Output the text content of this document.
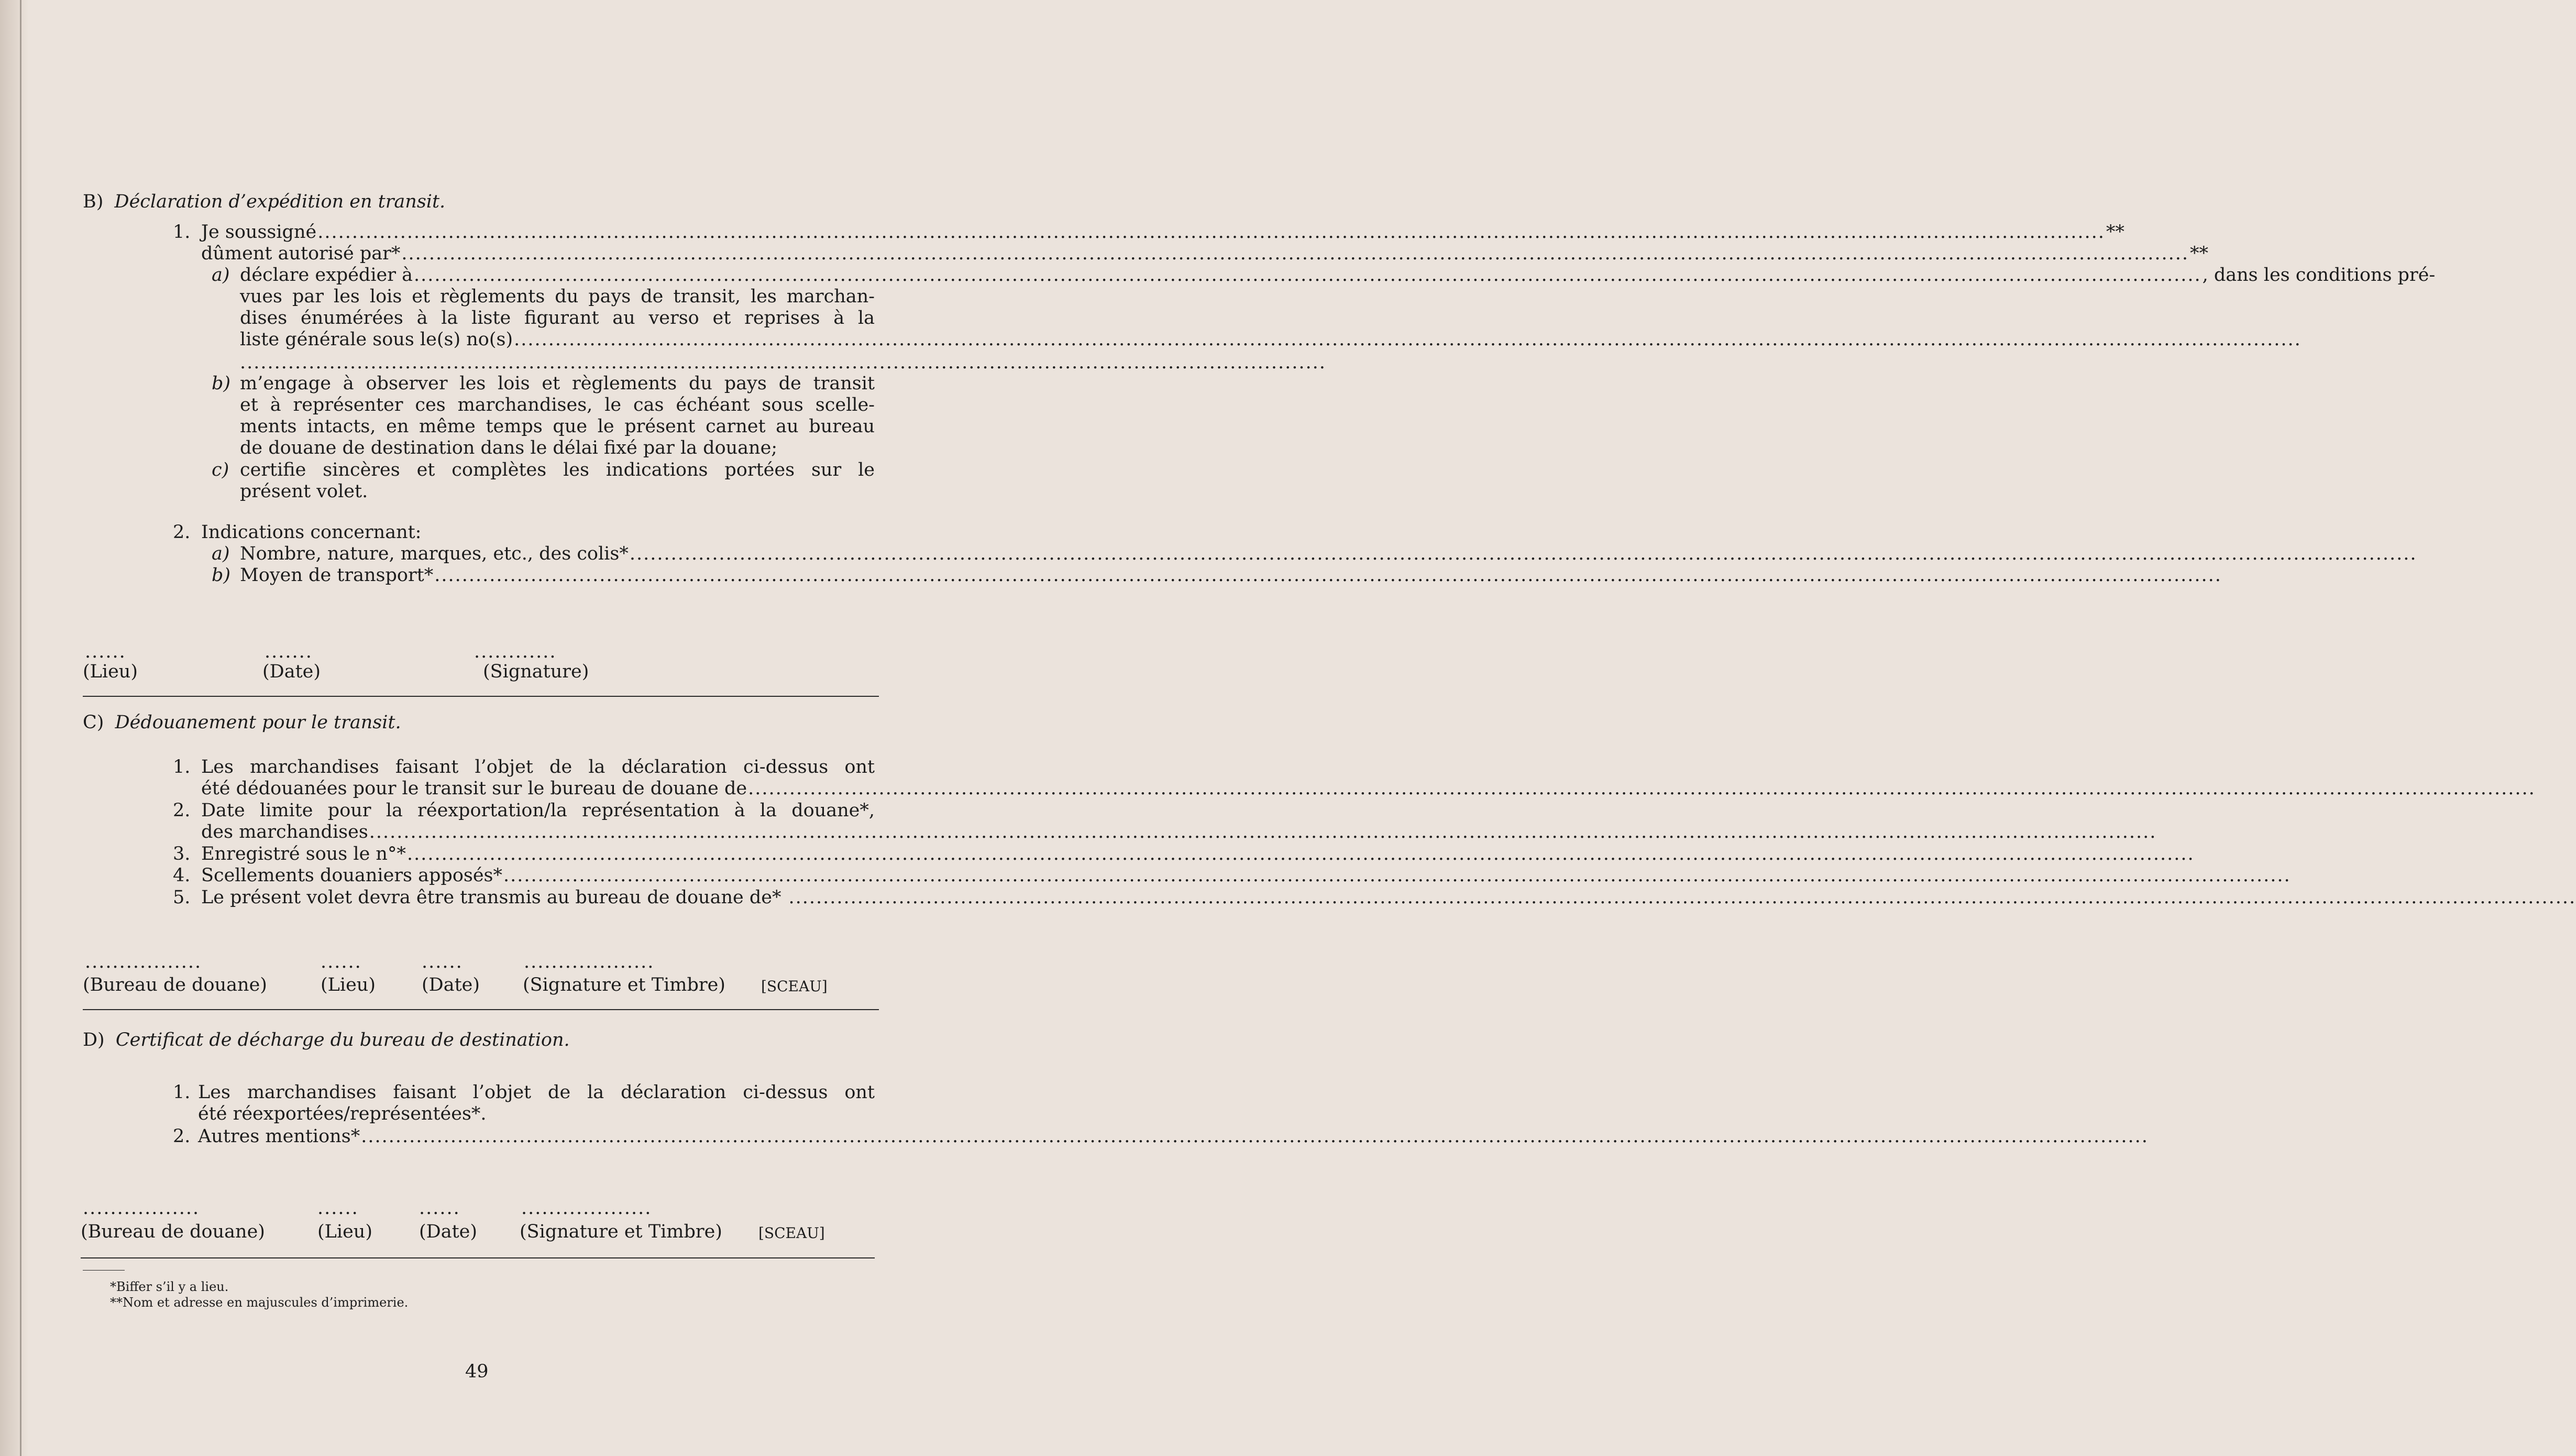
B) Déclaration d’expédition en transit.
1. Je soussigné .....	**
dûment autorisé par* .....	**
a) déclare expédier à .....	, dans les conditions pré-
vues par les lois et règlements du pays de transit, les marchan-
dises énumérées à la liste figurant au verso et reprises à la
liste générale sous le(s) no(s)
.....
..............................................................................................................................................................
b) m’engage à observer les lois et règlements du pays de transit
et à représenter ces marchandises, le cas échéant sous scelle-
ments intacts, en même temps que le présent carnet au bureau
de douane de destination dans le délai fixé par la douane;
c) certifie sincères et complètes les indications portées sur le
présent volet.
2. Indications concernant:
a) Nombre, nature, marques, etc., des colis*
.....
b) Moyen de transport*
.....
......	.......	............
(Lieu)	(Date)	(Signature)
C) Dédouanement pour le transit.
1. Les marchandises faisant l’objet de la déclaration ci-dessus ont
été dédouanées pour le transit sur le bureau de douane de
.....
2. Date limite pour la réexportation/la représentation à la douane*,
des marchandises
.....
3. Enregistré sous le n°*
.....
4. Scellements douaniers apposés*
.....
5. Le présent volet devra être transmis au bureau de douane de*
.....
.................	......	......	...................
(Bureau de douane)	(Lieu)	(Date) (Signature et Timbre) [SCEAU]
D) Certificat de décharge du bureau de destination.
1. Les marchandises faisant l’objet de la déclaration ci-dessus ont
été réexportées/représentées*.
2. Autres mentions*
.....
.................	......	......	...................
(Bureau de douane)	(Lieu)	(Date) (Signature et Timbre) [SCEAU]
*Biffer s’il y a lieu.
**Nom et adresse en majuscules d’imprimerie.
49
